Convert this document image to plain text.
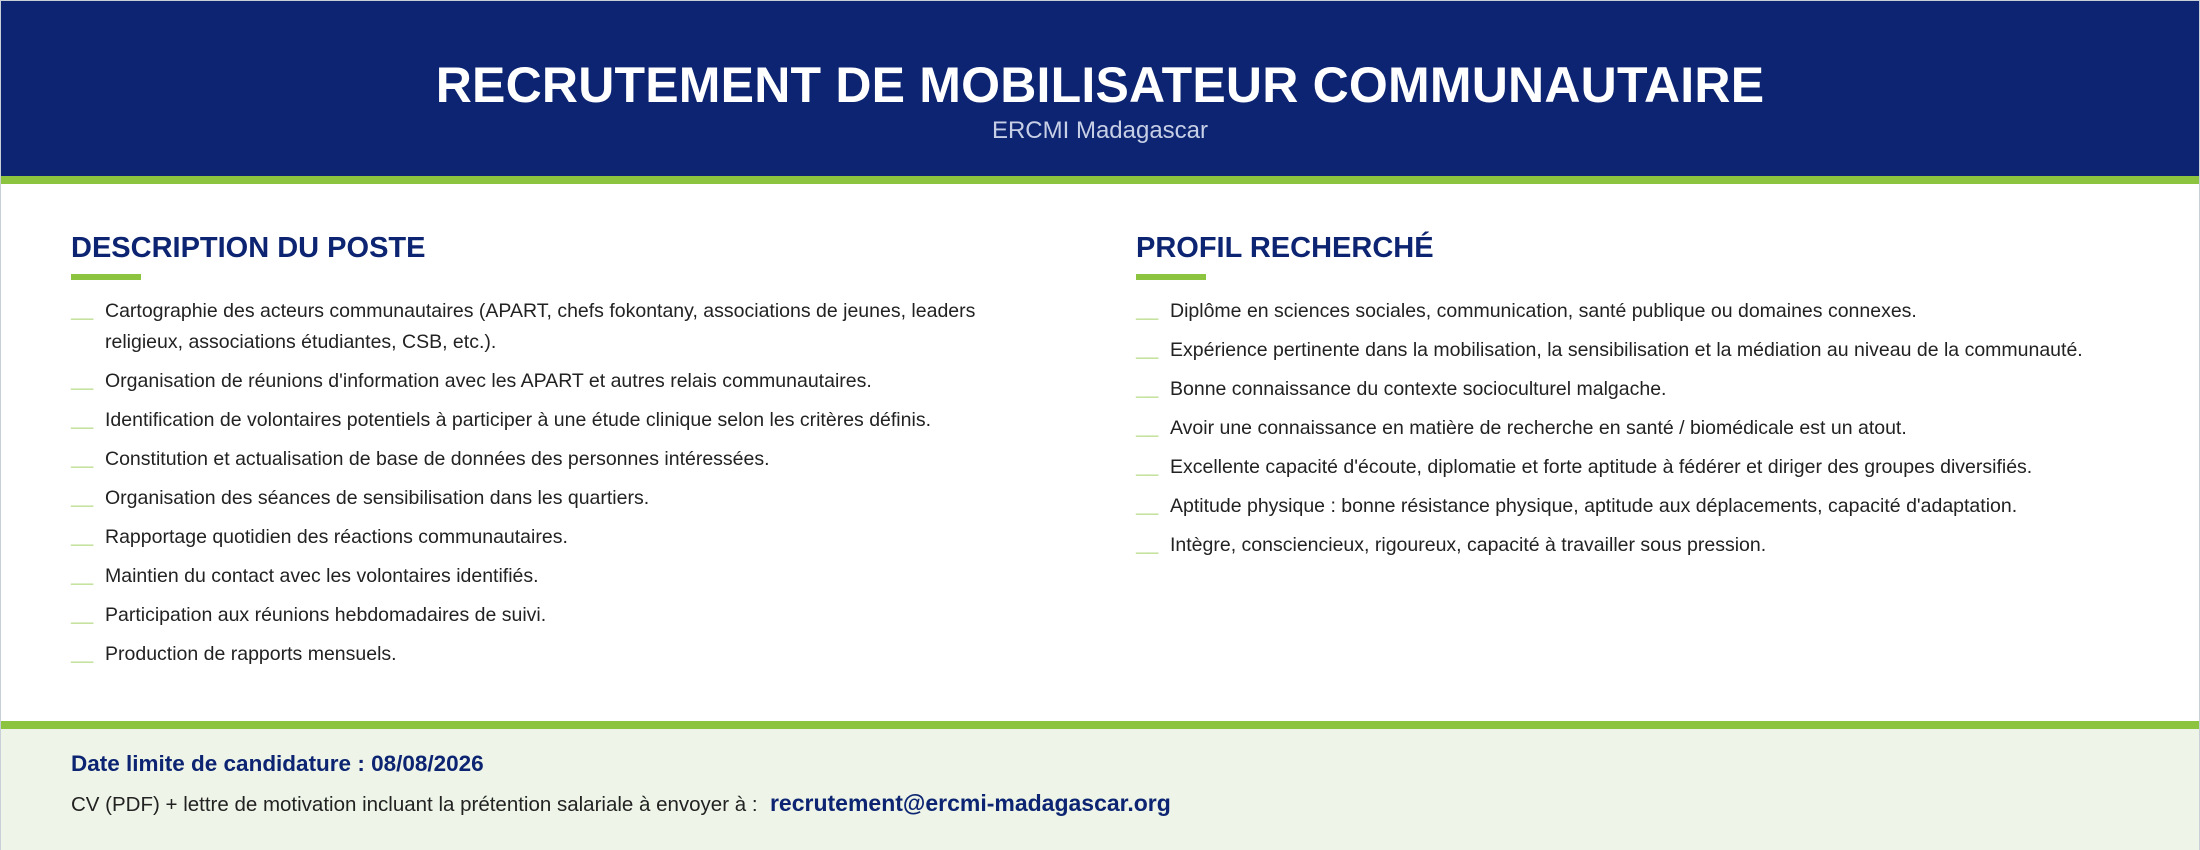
RECRUTEMENT DE MOBILISATEUR COMMUNAUTAIRE
ERCMI Madagascar
DESCRIPTION DU POSTE
__ Cartographie des acteurs communautaires (APART, chefs fokontany, associations de jeunes, leaders religieux, associations étudiantes, CSB, etc.).
__ Organisation de réunions d'information avec les APART et autres relais communautaires.
__ Identification de volontaires potentiels à participer à une étude clinique selon les critères définis.
__ Constitution et actualisation de base de données des personnes intéressées.
__ Organisation des séances de sensibilisation dans les quartiers.
__ Rapportage quotidien des réactions communautaires.
__ Maintien du contact avec les volontaires identifiés.
__ Participation aux réunions hebdomadaires de suivi.
__ Production de rapports mensuels.
PROFIL RECHERCHÉ
__ Diplôme en sciences sociales, communication, santé publique ou domaines connexes.
__ Expérience pertinente dans la mobilisation, la sensibilisation et la médiation au niveau de la communauté.
__ Bonne connaissance du contexte socioculturel malgache.
__ Avoir une connaissance en matière de recherche en santé / biomédicale est un atout.
__ Excellente capacité d'écoute, diplomatie et forte aptitude à fédérer et diriger des groupes diversifiés.
__ Aptitude physique : bonne résistance physique, aptitude aux déplacements, capacité d'adaptation.
__ Intègre, consciencieux, rigoureux, capacité à travailler sous pression.
Date limite de candidature : 08/08/2026
CV (PDF) + lettre de motivation incluant la prétention salariale à envoyer à : recrutement@ercmi-madagascar.org
